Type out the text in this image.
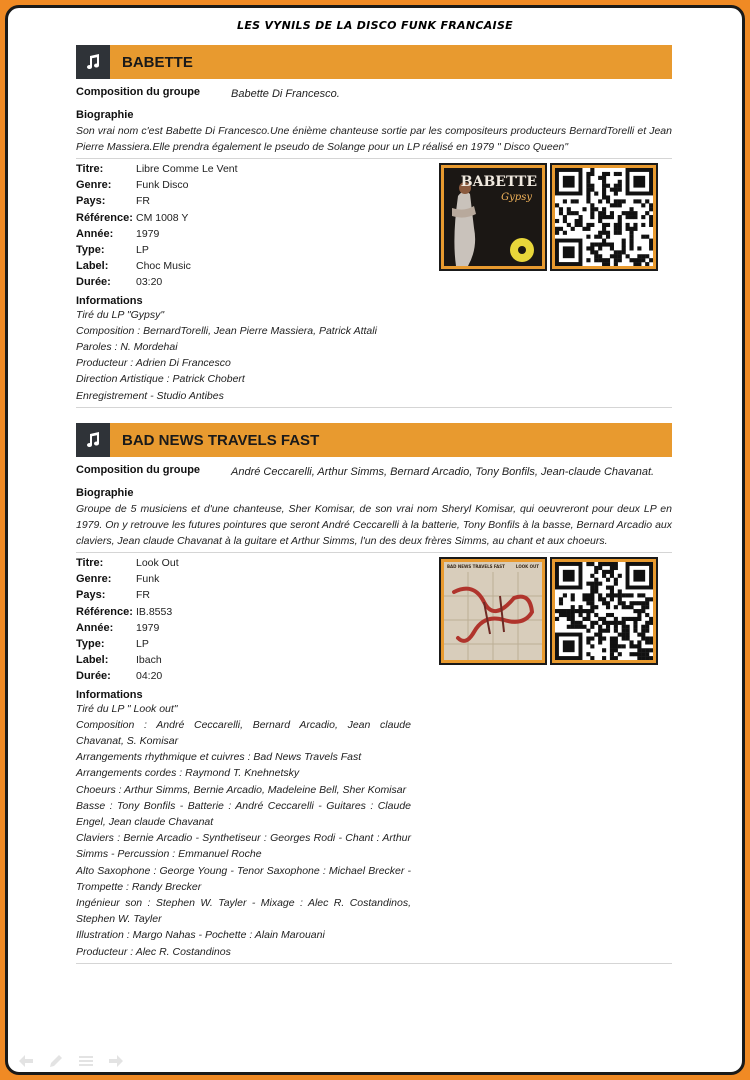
LES VYNILS DE LA DISCO FUNK FRANCAISE
BABETTE
Composition du groupe	Babette Di Francesco.
Biographie
Son vrai nom c'est Babette Di Francesco.Une énième chanteuse sortie par les compositeurs producteurs BernardTorelli et Jean Pierre Massiera.Elle prendra également le pseudo de Solange pour un LP réalisé en 1979 " Disco Queen"
Titre:	Libre Comme Le Vent
Genre:	Funk Disco
Pays:	FR
Référence: CM 1008 Y
Année:	1979
Type:	LP
Label:	Choc Music
Durée:	03:20
Informations
Tiré du LP "Gypsy"
Composition : BernardTorelli, Jean Pierre Massiera, Patrick Attali
Paroles : N. Mordehai
Producteur : Adrien Di Francesco
Direction Artistique : Patrick Chobert
Enregistrement - Studio Antibes
BABETTE
Gypsy
BAD NEWS TRAVELS FAST
Composition du groupe	André Ceccarelli, Arthur Simms, Bernard Arcadio, Tony Bonfils, Jean-claude Chavanat.
Biographie
Groupe de 5 musiciens et d'une chanteuse, Sher Komisar, de son vrai nom Sheryl Komisar, qui oeuvreront pour deux LP en 1979. On y retrouve les futures pointures que seront André Ceccarelli à la batterie, Tony Bonfils à la basse, Bernard Arcadio aux claviers, Jean claude Chavanat à la guitare et Arthur Simms, l'un des deux frères Simms, au chant et aux choeurs.
Titre:	Look Out
Genre:	Funk
Pays:	FR
Référence: IB.8553
Année:	1979
Type:	LP
Label:	Ibach
Durée:	04:20
Informations
Tiré du LP " Look out"
Composition : André Ceccarelli, Bernard Arcadio, Jean claude Chavanat, S. Komisar
Arrangements rhythmique et cuivres : Bad News Travels Fast
Arrangements cordes : Raymond T. Knehnetsky
Choeurs : Arthur Simms, Bernie Arcadio, Madeleine Bell, Sher Komisar
Basse : Tony Bonfils - Batterie : André Ceccarelli - Guitares : Claude Engel, Jean claude Chavanat
Claviers : Bernie Arcadio - Synthetiseur : Georges Rodi - Chant : Arthur Simms - Percussion : Emmanuel Roche
Alto Saxophone : George Young - Tenor Saxophone : Michael Brecker - Trompette : Randy Brecker
Ingénieur son : Stephen W. Tayler - Mixage : Alec R. Costandinos, Stephen W. Tayler
Illustration : Margo Nahas - Pochette : Alain Marouani
Producteur : Alec R. Costandinos
BAD NEWS TRAVELS FAST	LOOK OUT
